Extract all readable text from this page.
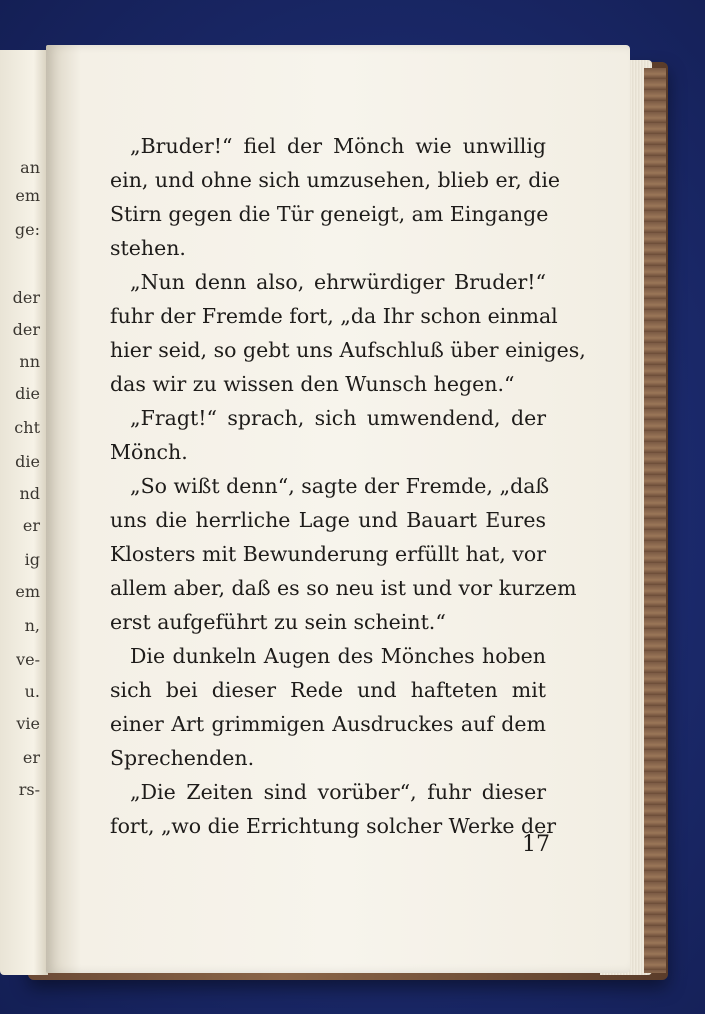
an
em
ge:
der
der
nn
die
cht
die
nd
er
ig
em
n,
ve-
u.
vie
er
rs-
„Bruder!“ fiel der Mönch wie unwillig
ein, und ohne sich umzusehen, blieb er, die
Stirn gegen die Tür geneigt, am Eingange
stehen.
„Nun denn also, ehrwürdiger Bruder!“
fuhr der Fremde fort, „da Ihr schon einmal
hier seid, so gebt uns Aufschluß über einiges,
das wir zu wissen den Wunsch hegen.“
„Fragt!“ sprach, sich umwendend, der
Mönch.
„So wißt denn“, sagte der Fremde, „daß
uns die herrliche Lage und Bauart Eures
Klosters mit Bewunderung erfüllt hat, vor
allem aber, daß es so neu ist und vor kurzem
erst aufgeführt zu sein scheint.“
Die dunkeln Augen des Mönches hoben
sich bei dieser Rede und hafteten mit
einer Art grimmigen Ausdruckes auf dem
Sprechenden.
„Die Zeiten sind vorüber“, fuhr dieser
fort, „wo die Errichtung solcher Werke der
17
